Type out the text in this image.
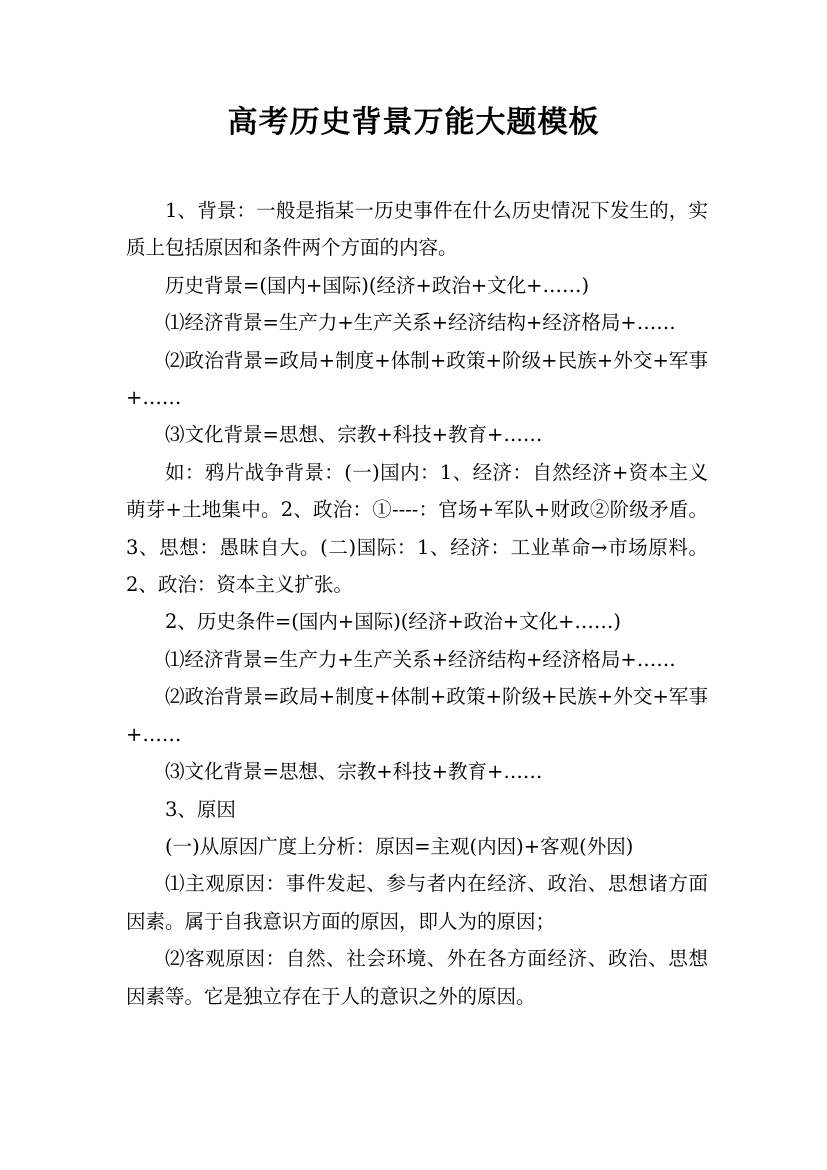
高考历史背景万能大题模板

1、背景：一般是指某一历史事件在什么历史情况下发生的，实质上包括原因和条件两个方面的内容。

历史背景=(国内+国际)(经济+政治+文化+……)

⑴经济背景=生产力+生产关系+经济结构+经济格局+……

⑵政治背景=政局+制度+体制+政策+阶级+民族+外交+军事+……

⑶文化背景=思想、宗教+科技+教育+……

如：鸦片战争背景：(一)国内：1、经济：自然经济+资本主义萌芽+土地集中。2、政治：①----：官场+军队+财政②阶级矛盾。3、思想：愚昧自大。(二)国际：1、经济：工业革命→市场原料。2、政治：资本主义扩张。

2、历史条件=(国内+国际)(经济+政治+文化+……)

⑴经济背景=生产力+生产关系+经济结构+经济格局+……

⑵政治背景=政局+制度+体制+政策+阶级+民族+外交+军事+……

⑶文化背景=思想、宗教+科技+教育+……

3、原因

(一)从原因广度上分析：原因=主观(内因)+客观(外因)

⑴主观原因：事件发起、参与者内在经济、政治、思想诸方面因素。属于自我意识方面的原因，即人为的原因；

⑵客观原因：自然、社会环境、外在各方面经济、政治、思想因素等。它是独立存在于人的意识之外的原因。
